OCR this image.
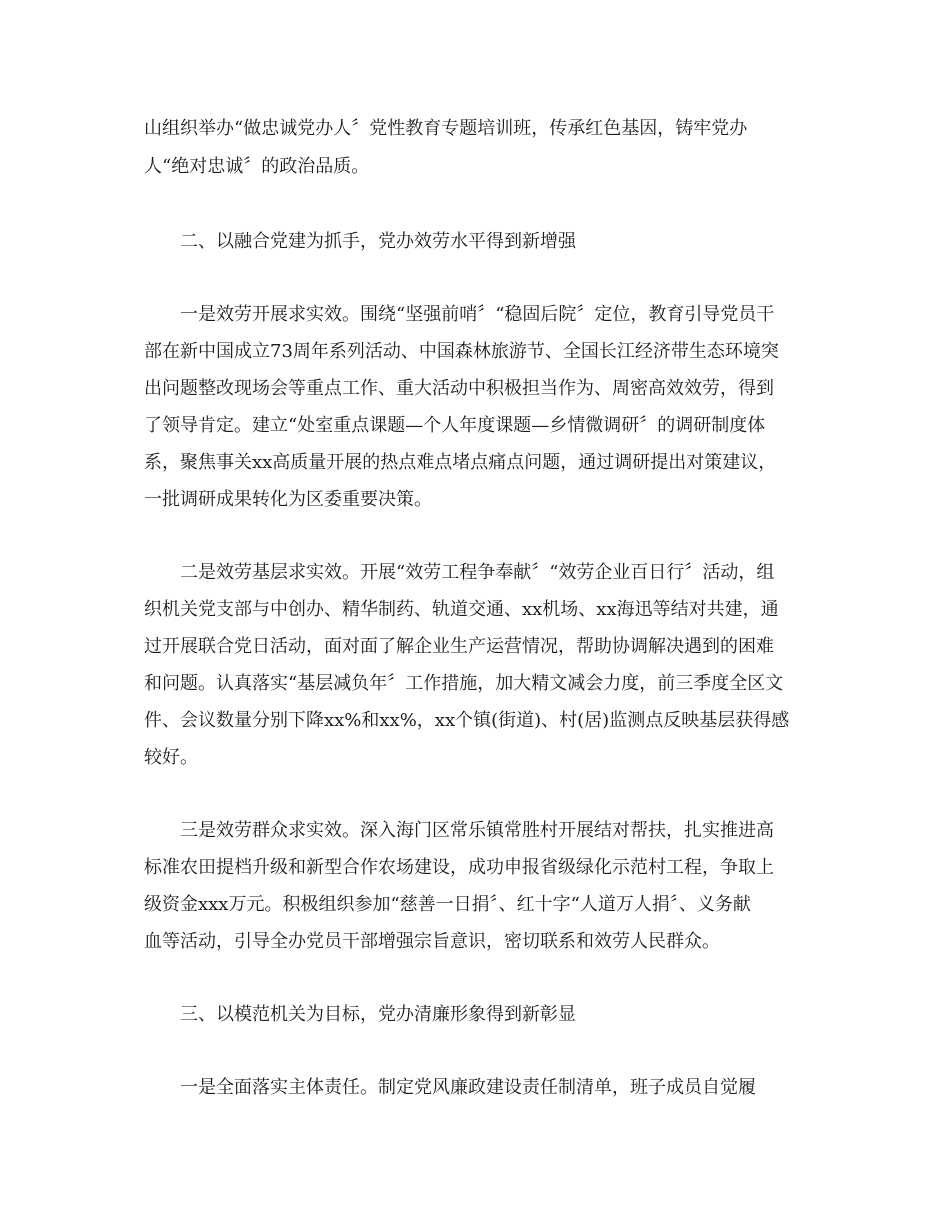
山组织举办“做忠诚党办人〞党性教育专题培训班，传承红色基因，铸牢党办
人“绝对忠诚〞的政治品质。
二、以融合党建为抓手，党办效劳水平得到新增强
一是效劳开展求实效。围绕“坚强前哨〞“稳固后院〞定位，教育引导党员干
部在新中国成立73周年系列活动、中国森林旅游节、全国长江经济带生态环境突
出问题整改现场会等重点工作、重大活动中积极担当作为、周密高效效劳，得到
了领导肯定。建立“处室重点课题—个人年度课题—乡情微调研〞的调研制度体
系，聚焦事关xx高质量开展的热点难点堵点痛点问题，通过调研提出对策建议，
一批调研成果转化为区委重要决策。
二是效劳基层求实效。开展“效劳工程争奉献〞“效劳企业百日行〞活动，组
织机关党支部与中创办、精华制药、轨道交通、xx机场、xx海迅等结对共建，通
过开展联合党日活动，面对面了解企业生产运营情况，帮助协调解决遇到的困难
和问题。认真落实“基层减负年〞工作措施，加大精文减会力度，前三季度全区文
件、会议数量分别下降xx%和xx%，xx个镇(街道)、村(居)监测点反映基层获得感
较好。
三是效劳群众求实效。深入海门区常乐镇常胜村开展结对帮扶，扎实推进高
标准农田提档升级和新型合作农场建设，成功申报省级绿化示范村工程，争取上
级资金xxx万元。积极组织参加“慈善一日捐〞、红十字“人道万人捐〞、义务献
血等活动，引导全办党员干部增强宗旨意识，密切联系和效劳人民群众。
三、以模范机关为目标，党办清廉形象得到新彰显
一是全面落实主体责任。制定党风廉政建设责任制清单，班子成员自觉履
